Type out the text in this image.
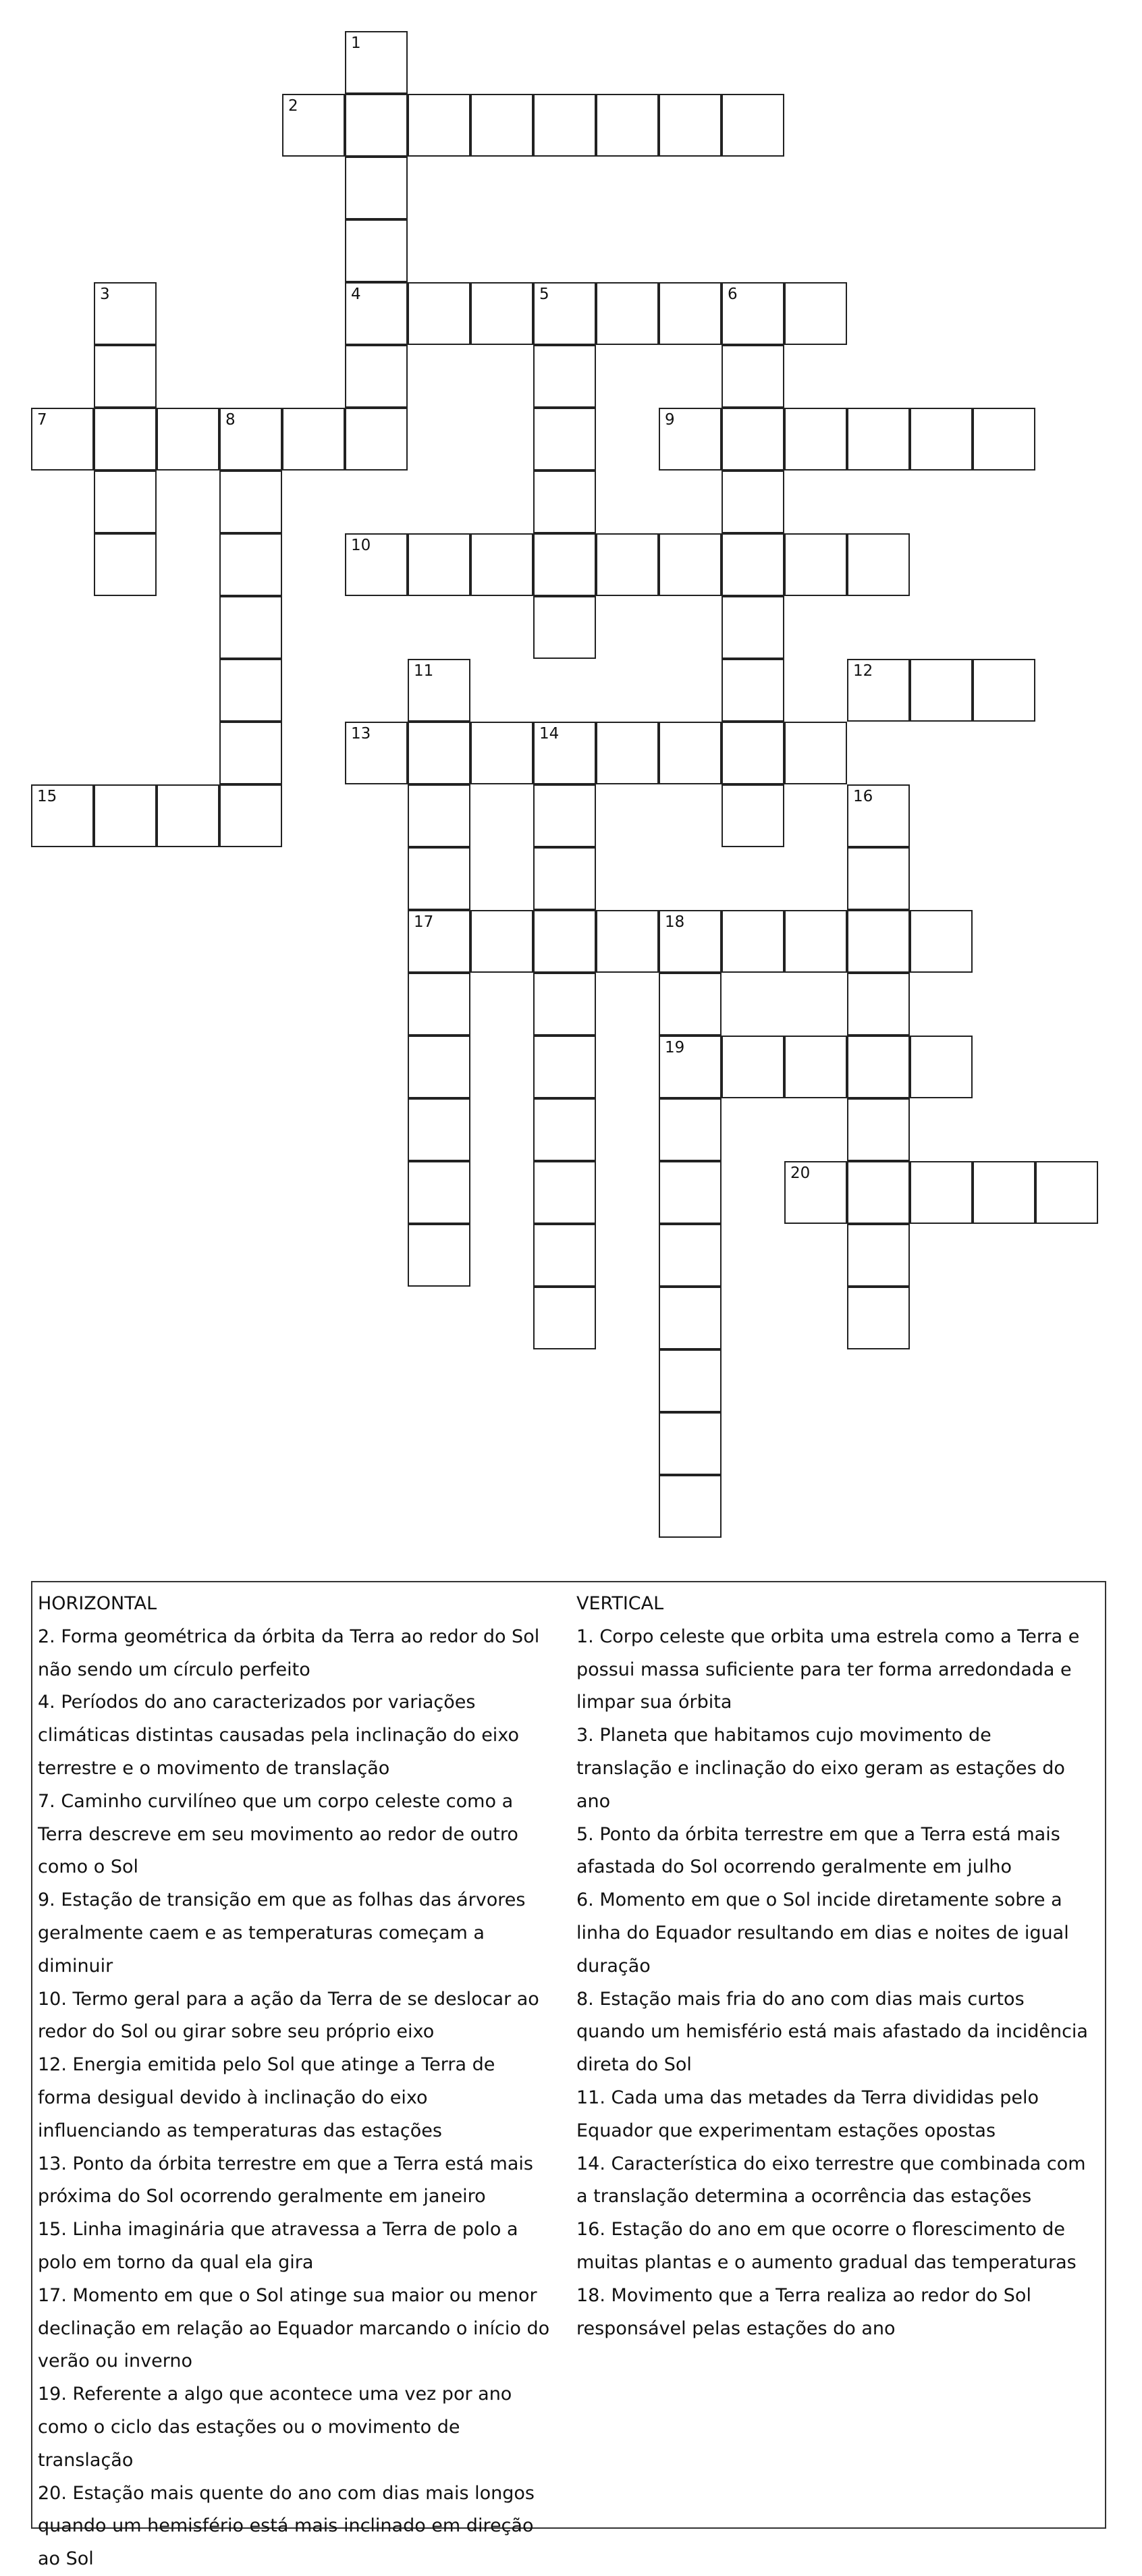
1
4
2
3	5	6
7	8	9
10
11
17
12
13	14
15	16
18
19
20
HORIZONTAL
2. Forma geométrica da órbita da Terra ao redor do Sol não sendo um círculo perfeito
4. Períodos do ano caracterizados por variações climáticas distintas causadas pela inclinação do eixo terrestre e o movimento de translação
7. Caminho curvilíneo que um corpo celeste como a Terra descreve em seu movimento ao redor de outro como o Sol
9. Estação de transição em que as folhas das árvores geralmente caem e as temperaturas começam a diminuir
10. Termo geral para a ação da Terra de se deslocar ao redor do Sol ou girar sobre seu próprio eixo
12. Energia emitida pelo Sol que atinge a Terra de forma desigual devido à inclinação do eixo influenciando as temperaturas das estações
13. Ponto da órbita terrestre em que a Terra está mais próxima do Sol ocorrendo geralmente em janeiro
15. Linha imaginária que atravessa a Terra de polo a polo em torno da qual ela gira
17. Momento em que o Sol atinge sua maior ou menor declinação em relação ao Equador marcando o início do verão ou inverno
19. Referente a algo que acontece uma vez por ano como o ciclo das estações ou o movimento de translação
20. Estação mais quente do ano com dias mais longos quando um hemisfério está mais inclinado em direção ao Sol
VERTICAL
1. Corpo celeste que orbita uma estrela como a Terra e possui massa suficiente para ter forma arredondada e limpar sua órbita
3. Planeta que habitamos cujo movimento de translação e inclinação do eixo geram as estações do ano
5. Ponto da órbita terrestre em que a Terra está mais afastada do Sol ocorrendo geralmente em julho
6. Momento em que o Sol incide diretamente sobre a linha do Equador resultando em dias e noites de igual duração
8. Estação mais fria do ano com dias mais curtos quando um hemisfério está mais afastado da incidência direta do Sol
11. Cada uma das metades da Terra divididas pelo Equador que experimentam estações opostas
14. Característica do eixo terrestre que combinada com a translação determina a ocorrência das estações
16. Estação do ano em que ocorre o florescimento de muitas plantas e o aumento gradual das temperaturas
18. Movimento que a Terra realiza ao redor do Sol responsável pelas estações do ano
